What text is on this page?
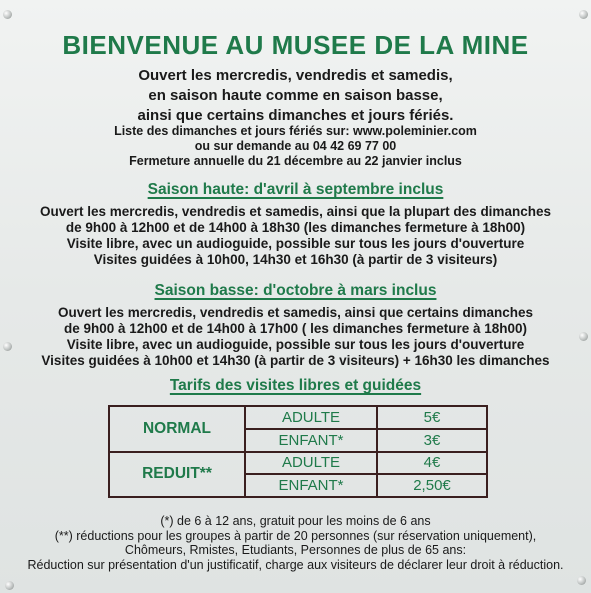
BIENVENUE AU MUSEE DE LA MINE
Ouvert les mercredis, vendredis et samedis,
en saison haute comme en saison basse,
ainsi que certains dimanches et jours fériés.
Liste des dimanches et jours fériés sur: www.poleminier.com
ou sur demande au 04 42 69 77 00
Fermeture annuelle du 21 décembre au 22 janvier inclus
Saison haute: d'avril à septembre inclus
Ouvert les mercredis, vendredis et samedis, ainsi que la plupart des dimanches
de 9h00 à 12h00 et de 14h00 à 18h30 (les dimanches fermeture à 18h00)
Visite libre, avec un audioguide, possible sur tous les jours d'ouverture
Visites guidées à 10h00, 14h30 et 16h30 (à partir de 3 visiteurs)
Saison basse: d'octobre à mars inclus
Ouvert les mercredis, vendredis et samedis, ainsi que certains dimanches
de 9h00 à 12h00 et de 14h00 à 17h00 ( les dimanches fermeture à 18h00)
Visite libre, avec un audioguide, possible sur tous les jours d'ouverture
Visites guidées à 10h00 et 14h30 (à partir de 3 visiteurs) + 16h30 les dimanches
Tarifs des visites libres et guidées
NORMAL	ADULTE	5€
	ENFANT*	3€
REDUIT**	ADULTE	4€
	ENFANT*	2,50€
(*) de 6 à 12 ans, gratuit pour les moins de 6 ans
(**) réductions pour les groupes à partir de 20 personnes (sur réservation uniquement),
Chômeurs, Rmistes, Etudiants, Personnes de plus de 65 ans:
Réduction sur présentation d'un justificatif, charge aux visiteurs de déclarer leur droit à réduction.
